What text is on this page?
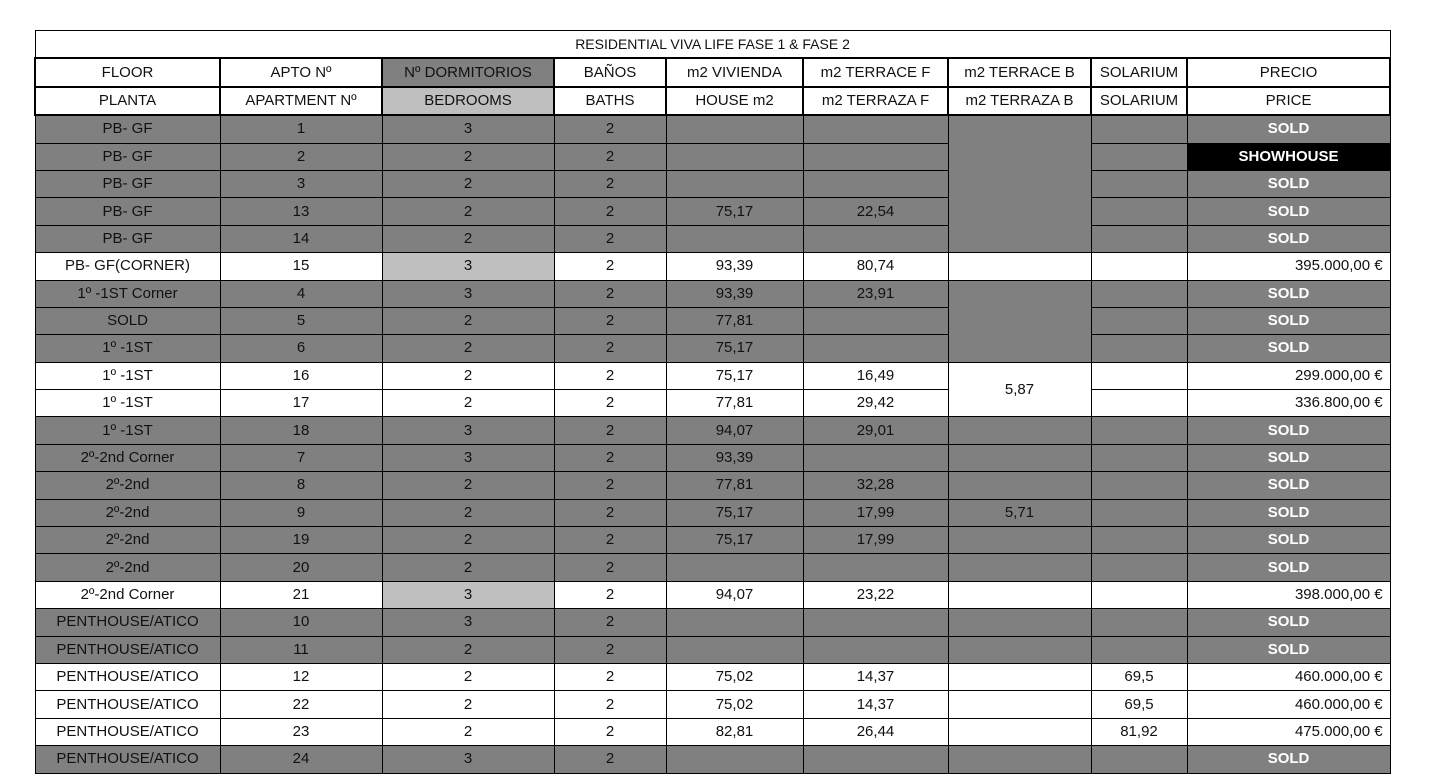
RESIDENTIAL VIVA LIFE FASE 1 & FASE 2								
FLOOR	APTO Nº	Nº DORMITORIOS	BAÑOS	m2 VIVIENDA	m2 TERRACE F	m2 TERRACE B	SOLARIUM	PRECIO
PLANTA	APARTMENT Nº	BEDROOMS	BATHS	HOUSE m2	m2 TERRAZA F	m2 TERRAZA B	SOLARIUM	PRICE
PB- GF	1	3	2					SOLD
PB- GF	2	2	2					SHOWHOUSE
PB- GF	3	2	2					SOLD
PB- GF	13	2	2	75,17	22,54			SOLD
PB- GF	14	2	2					SOLD
PB- GF(CORNER)	15	3	2	93,39	80,74			395.000,00 €
1º -1ST Corner	4	3	2	93,39	23,91			SOLD
SOLD	5	2	2	77,81				SOLD
1º -1ST	6	2	2	75,17				SOLD
1º -1ST	16	2	2	75,17	16,49	5,87		299.000,00 €
1º -1ST	17	2	2	77,81	29,42			336.800,00 €
1º -1ST	18	3	2	94,07	29,01			SOLD
2º-2nd Corner	7	3	2	93,39				SOLD
2º-2nd	8	2	2	77,81	32,28			SOLD
2º-2nd	9	2	2	75,17	17,99	5,71		SOLD
2º-2nd	19	2	2	75,17	17,99			SOLD
2º-2nd	20	2	2					SOLD
2º-2nd Corner	21	3	2	94,07	23,22			398.000,00 €
PENTHOUSE/ATICO	10	3	2					SOLD
PENTHOUSE/ATICO	11	2	2					SOLD
PENTHOUSE/ATICO	12	2	2	75,02	14,37		69,5	460.000,00 €
PENTHOUSE/ATICO	22	2	2	75,02	14,37		69,5	460.000,00 €
PENTHOUSE/ATICO	23	2	2	82,81	26,44		81,92	475.000,00 €
PENTHOUSE/ATICO	24	3	2					SOLD
